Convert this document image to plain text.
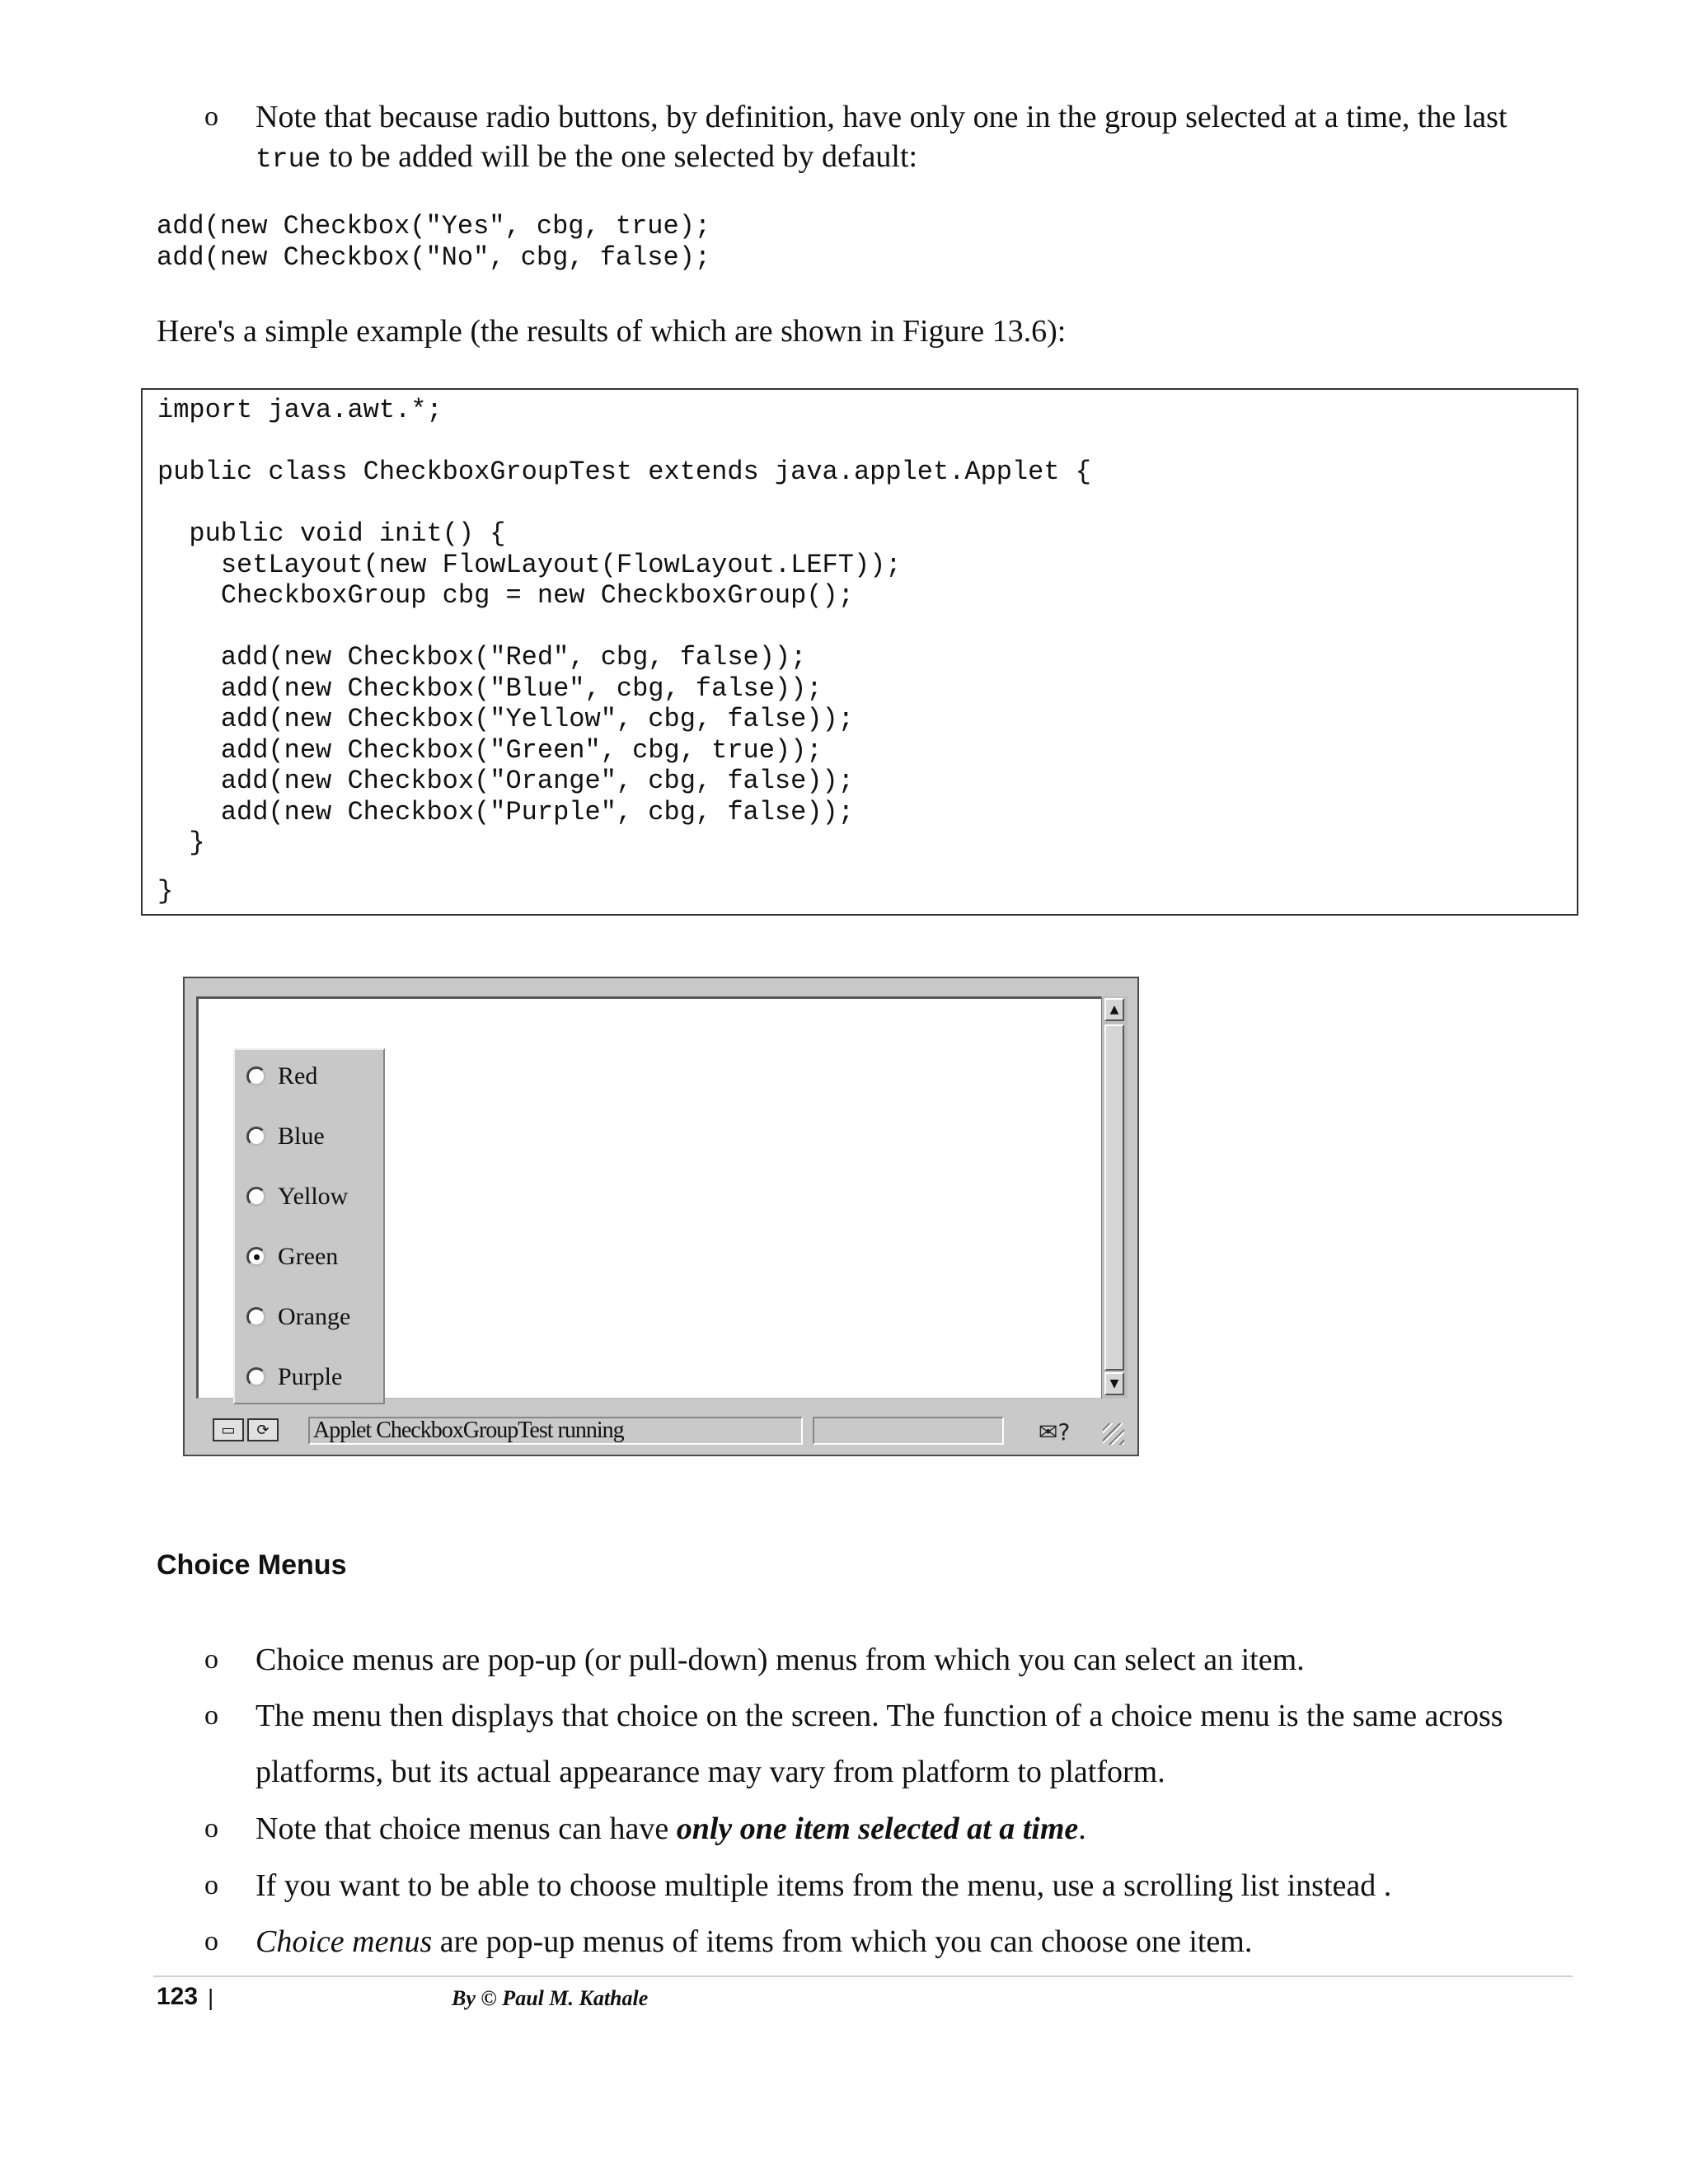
o	Note that because radio buttons, by definition, have only one in the group selected at a time, the last
true to be added will be the one selected by default:
add(new Checkbox("Yes", cbg, true);
add(new Checkbox("No", cbg, false);
Here's a simple example (the results of which are shown in Figure 13.6):
import java.awt.*;
public class CheckboxGroupTest extends java.applet.Applet {
public void init() {
setLayout(new FlowLayout(FlowLayout.LEFT));
CheckboxGroup cbg = new CheckboxGroup();
add(new Checkbox("Red", cbg, false));
add(new Checkbox("Blue", cbg, false));
add(new Checkbox("Yellow", cbg, false));
add(new Checkbox("Green", cbg, true));
add(new Checkbox("Orange", cbg, false));
add(new Checkbox("Purple", cbg, false));
}
}
Red
Blue
Yellow
Green
Orange
Purple
▲
▼
▭	⟳	Applet CheckboxGroupTest running	✉?
Choice Menus
o	Choice menus are pop-up (or pull-down) menus from which you can select an item.
o	The menu then displays that choice on the screen. The function of a choice menu is the same across
platforms, but its actual appearance may vary from platform to platform.
o	Note that choice menus can have only one item selected at a time.
o	If you want to be able to choose multiple items from the menu, use a scrolling list instead .
o	Choice menus are pop-up menus of items from which you can choose one item.
123 |	By © Paul M. Kathale
